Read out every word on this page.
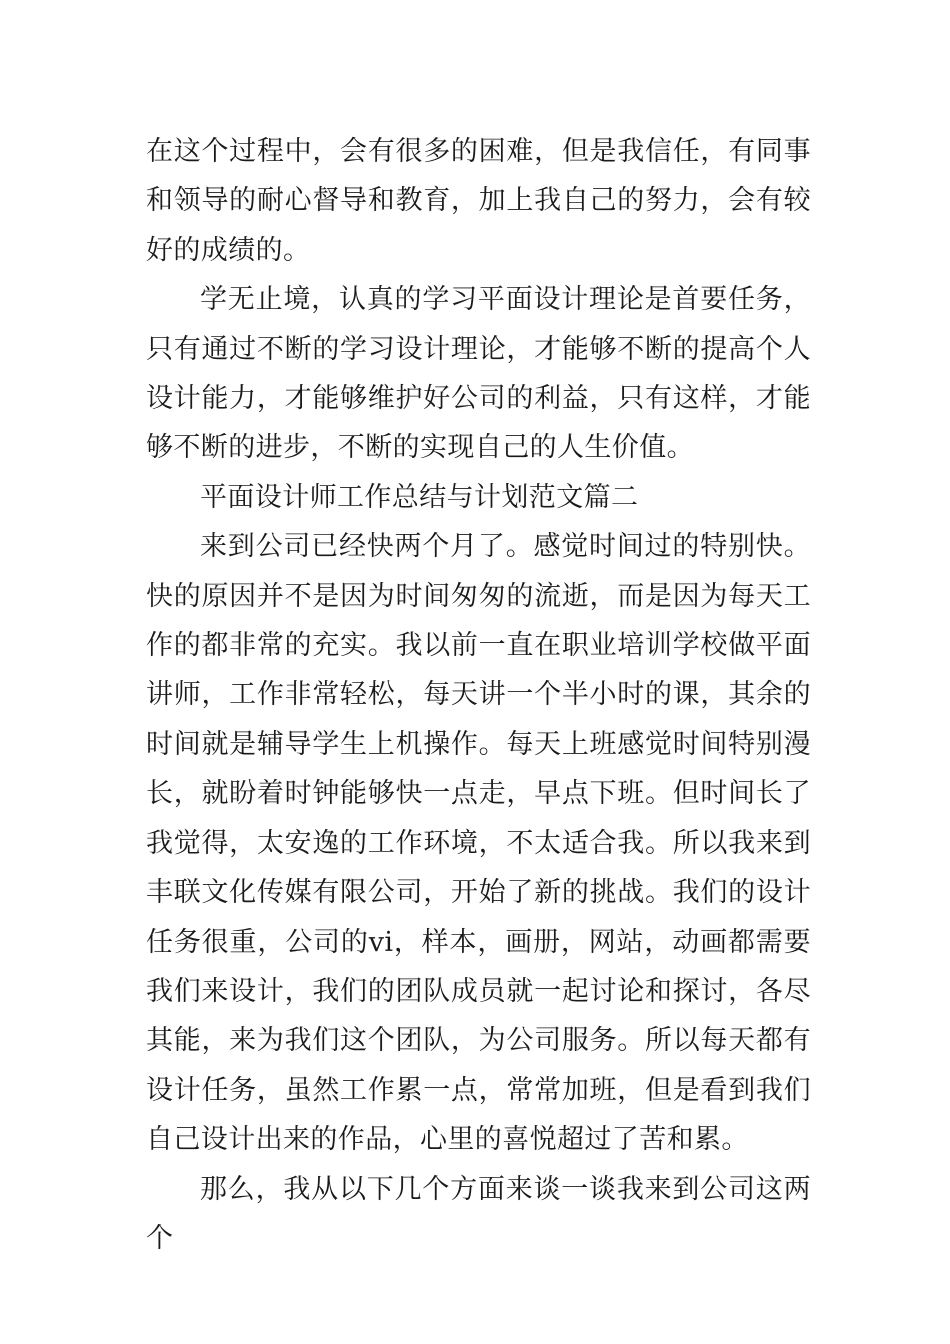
在这个过程中，会有很多的困难，但是我信任，有同事和领导的耐心督导和教育，加上我自己的努力，会有较好的成绩的。

学无止境，认真的学习平面设计理论是首要任务，只有通过不断的学习设计理论，才能够不断的提高个人设计能力，才能够维护好公司的利益，只有这样，才能够不断的进步，不断的实现自己的人生价值。

平面设计师工作总结与计划范文篇二

来到公司已经快两个月了。感觉时间过的特别快。快的原因并不是因为时间匆匆的流逝，而是因为每天工作的都非常的充实。我以前一直在职业培训学校做平面讲师，工作非常轻松，每天讲一个半小时的课，其余的时间就是辅导学生上机操作。每天上班感觉时间特别漫长，就盼着时钟能够快一点走，早点下班。但时间长了我觉得，太安逸的工作环境，不太适合我。所以我来到丰联文化传媒有限公司，开始了新的挑战。我们的设计任务很重，公司的vi，样本，画册，网站，动画都需要我们来设计，我们的团队成员就一起讨论和探讨，各尽其能，来为我们这个团队，为公司服务。所以每天都有设计任务，虽然工作累一点，常常加班，但是看到我们自己设计出来的作品，心里的喜悦超过了苦和累。

那么，我从以下几个方面来谈一谈我来到公司这两个
